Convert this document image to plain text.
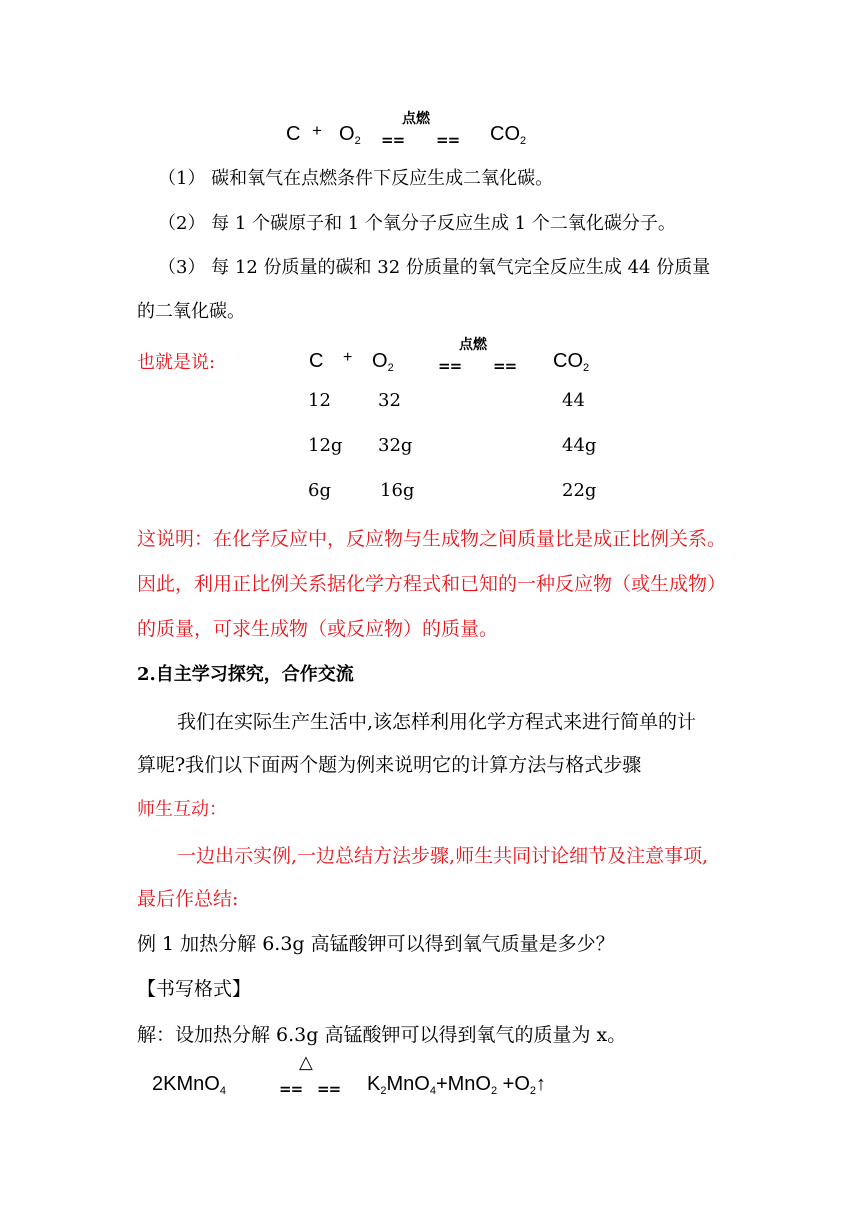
$C + O_2$
点燃
== == $CO_2$
（1） 碳和氧气在点燃条件下反应生成二氧化碳。
（2） 每 1 个碳原子和 1 个氧分子反应生成 1 个二氧化碳分子。
（3） 每 12 份质量的碳和 32 份质量的氧气完全反应生成 44 份质量
的二氧化碳。
也就是说:	$C + O_2$
点燃
== == $CO_2$
12	32	44
12g 32g	44g
6g	16g	22g
这说明：在化学反应中，反应物与生成物之间质量比是成正比例关系。
因此，利用正比例关系据化学方程式和已知的一种反应物（或生成物）
的质量，可求生成物（或反应物）的质量。
2.自主学习探究，合作交流
我们在实际生产生活中,该怎样利用化学方程式来进行简单的计
算呢?我们以下面两个题为例来说明它的计算方法与格式步骤
师生互动：
一边出示实例,一边总结方法步骤,师生共同讨论细节及注意事项,
最后作总结:
例 1 加热分解 6.3g 高锰酸钾可以得到氧气质量是多少？
【书写格式】
解：设加热分解 6.3g 高锰酸钾可以得到氧气的质量为 x。
2KMnO$_4$
△
== == $K_2MnO_4+MnO_2$ $+O_2↑$
